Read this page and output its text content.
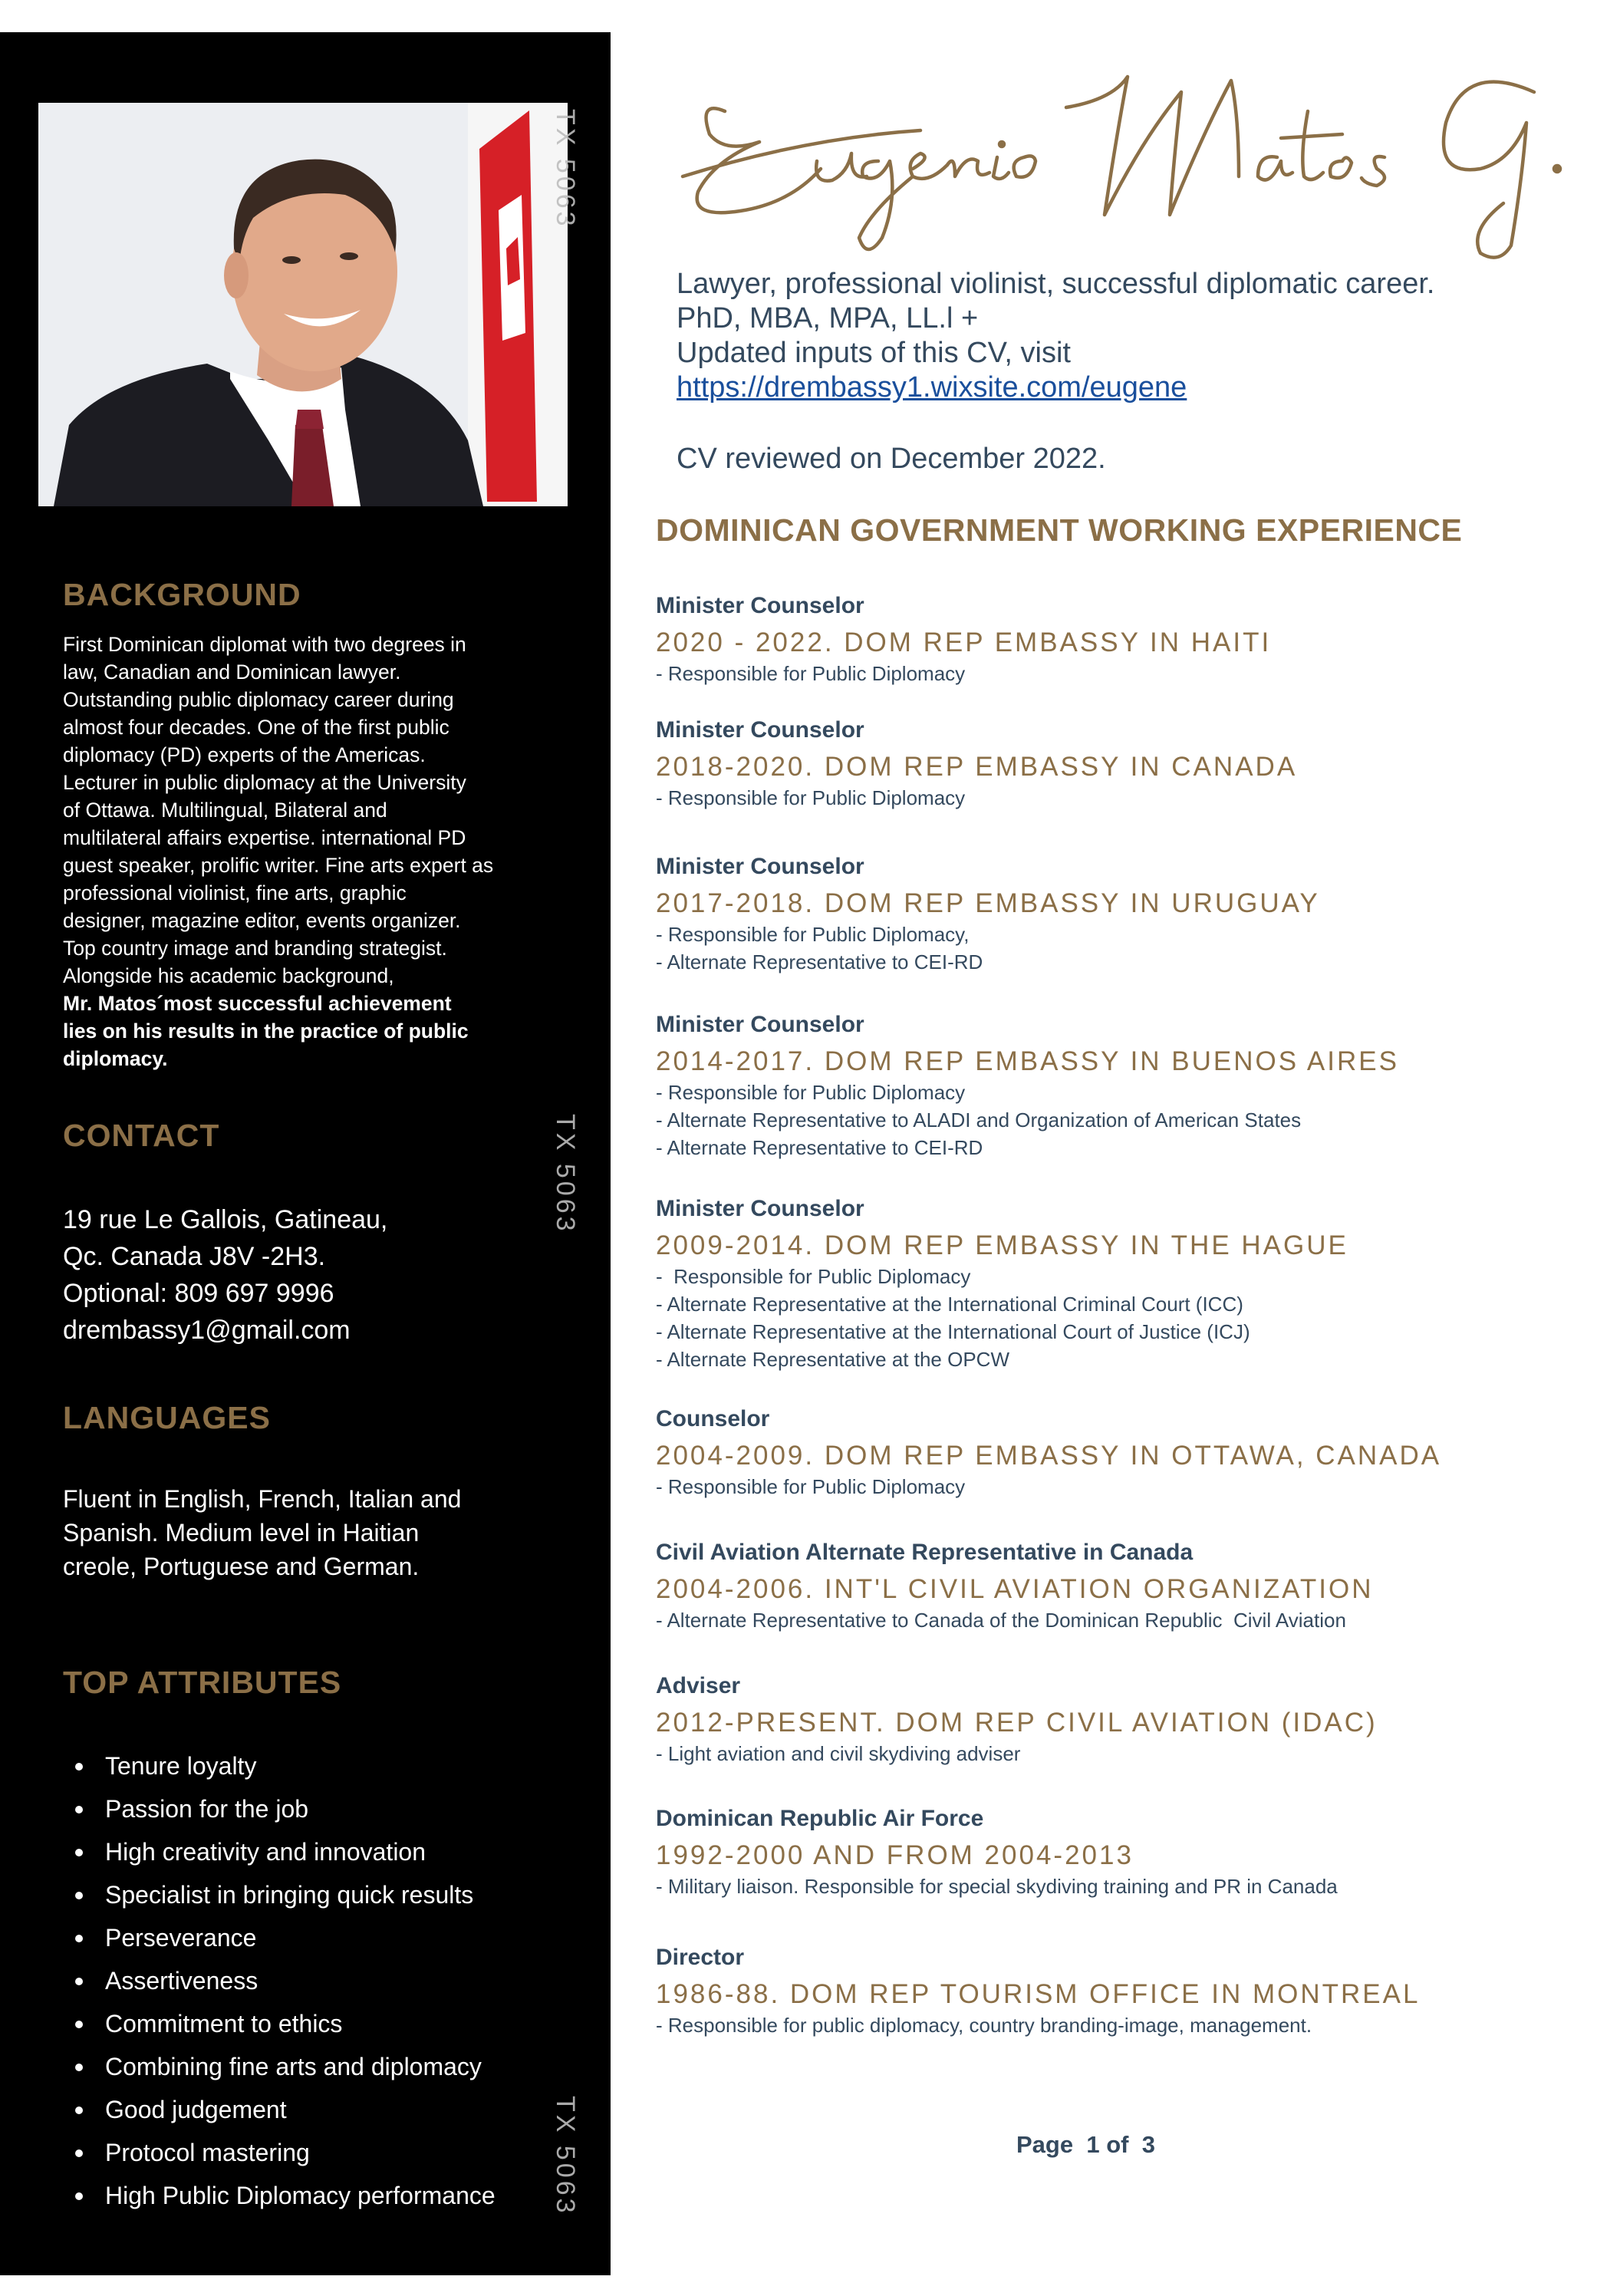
TX 5063
TX 5063
TX 5063
BACKGROUND
First Dominican diplomat with two degrees in
law, Canadian and Dominican lawyer.
Outstanding public diplomacy career during
almost four decades. One of the first public
diplomacy (PD) experts of the Americas.
Lecturer in public diplomacy at the University
of Ottawa. Multilingual, Bilateral and
multilateral affairs expertise. international PD
guest speaker, prolific writer. Fine arts expert as
professional violinist, fine arts, graphic
designer, magazine editor, events organizer.
Top country image and branding strategist.
Alongside his academic background,
Mr. Matos´most successful achievement
lies on his results in the practice of public
diplomacy.
CONTACT
19 rue Le Gallois, Gatineau,
Qc. Canada J8V -2H3.
Optional: 809 697 9996
drembassy1@gmail.com
LANGUAGES
Fluent in English, French, Italian and
Spanish. Medium level in Haitian
creole, Portuguese and German.
TOP ATTRIBUTES
Tenure loyalty
Passion for the job
High creativity and innovation
Specialist in bringing quick results
Perseverance
Assertiveness
Commitment to ethics
Combining fine arts and diplomacy
Good judgement
Protocol mastering
High Public Diplomacy performance
Lawyer, professional violinist, successful diplomatic career.
PhD, MBA, MPA, LL.l +
Updated inputs of this CV, visit
https://drembassy1.wixsite.com/eugene
CV reviewed on December 2022.
DOMINICAN GOVERNMENT WORKING EXPERIENCE
Minister Counselor
2020 - 2022. DOM REP EMBASSY IN HAITI
- Responsible for Public Diplomacy
Minister Counselor
2018-2020. DOM REP EMBASSY IN CANADA
- Responsible for Public Diplomacy
Minister Counselor
2017-2018. DOM REP EMBASSY IN URUGUAY
- Responsible for Public Diplomacy,
- Alternate Representative to CEI-RD
Minister Counselor
2014-2017. DOM REP EMBASSY IN BUENOS AIRES
- Responsible for Public Diplomacy
- Alternate Representative to ALADI and Organization of American States
- Alternate Representative to CEI-RD
Minister Counselor
2009-2014. DOM REP EMBASSY IN THE HAGUE
-  Responsible for Public Diplomacy
- Alternate Representative at the International Criminal Court (ICC)
- Alternate Representative at the International Court of Justice (ICJ)
- Alternate Representative at the OPCW
Counselor
2004-2009. DOM REP EMBASSY IN OTTAWA, CANADA
- Responsible for Public Diplomacy
Civil Aviation Alternate Representative in Canada
2004-2006. INT'L CIVIL AVIATION ORGANIZATION
- Alternate Representative to Canada of the Dominican Republic  Civil Aviation
Adviser
2012-PRESENT. DOM REP CIVIL AVIATION (IDAC)
- Light aviation and civil skydiving adviser
Dominican Republic Air Force
1992-2000 AND FROM 2004-2013
- Military liaison. Responsible for special skydiving training and PR in Canada
Director
1986-88. DOM REP TOURISM OFFICE IN MONTREAL
- Responsible for public diplomacy, country branding-image, management.
Page 1 of 3
